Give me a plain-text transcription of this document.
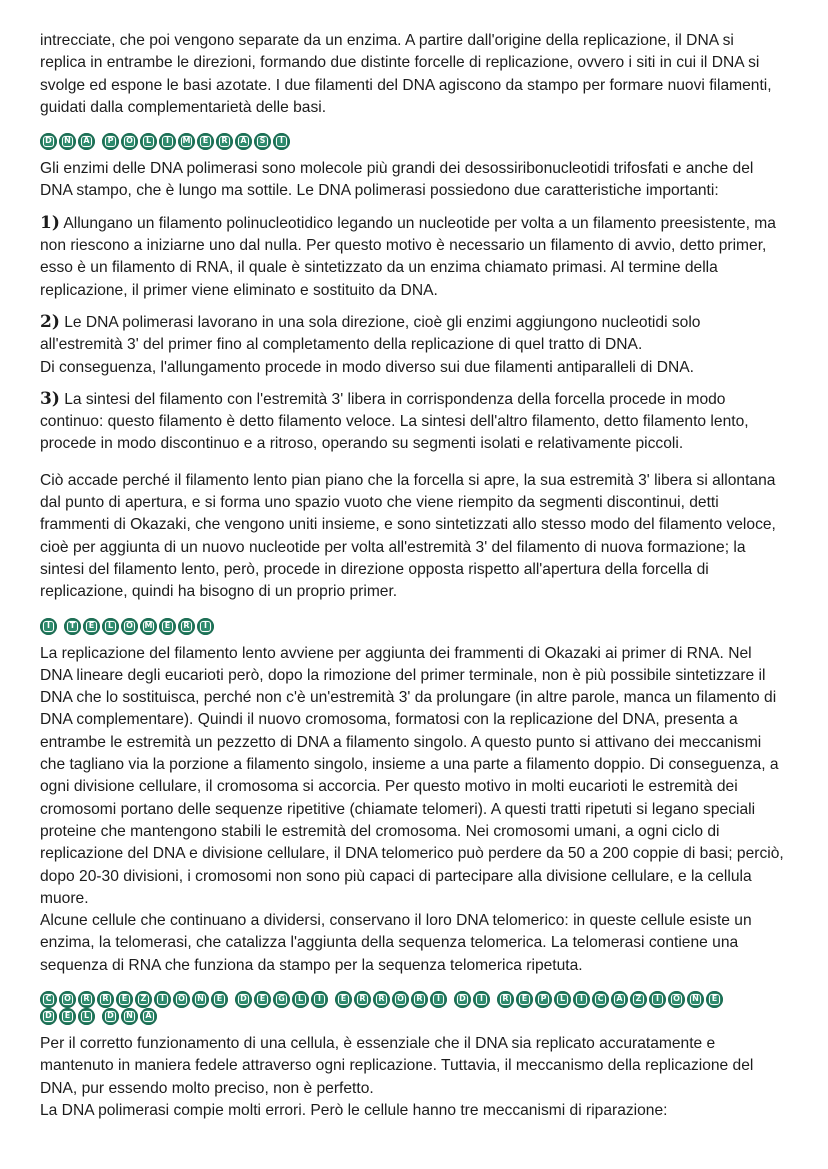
intrecciate, che poi vengono separate da un enzima. A partire dall'origine della replicazione, il DNA si replica in entrambe le direzioni, formando due distinte forcelle di replicazione, ovvero i siti in cui il DNA si svolge ed espone le basi azotate. I due filamenti del DNA agiscono da stampo per formare nuovi filamenti, guidati dalla complementarietà delle basi.

D N A	P	O	L	I	M	E	R	A	S	I

Gli enzimi delle DNA polimerasi sono molecole più grandi dei desossiribonucleotidi trifosfati e anche del DNA stampo, che è lungo ma sottile. Le DNA polimerasi possiedono due caratteristiche importanti:

1) Allungano un filamento polinucleotidico legando un nucleotide per volta a un filamento preesistente, ma non riescono a iniziarne uno dal nulla. Per questo motivo è necessario un filamento di avvio, detto primer, esso è un filamento di RNA, il quale è sintetizzato da un enzima chiamato primasi. Al termine della replicazione, il primer viene eliminato e sostituito da DNA.

2) Le DNA polimerasi lavorano in una sola direzione, cioè gli enzimi aggiungono nucleotidi solo all'estremità 3' del primer fino al completamento della replicazione di quel tratto di DNA.

Di conseguenza, l'allungamento procede in modo diverso sui due filamenti antiparalleli di DNA.

3) La sintesi del filamento con l'estremità 3' libera in corrispondenza della forcella procede in modo continuo: questo filamento è detto filamento veloce. La sintesi dell'altro filamento, detto filamento lento, procede in modo discontinuo e a ritroso, operando su segmenti isolati e relativamente piccoli.

Ciò accade perché il filamento lento pian piano che la forcella si apre, la sua estremità 3' libera si allontana dal punto di apertura, e si forma uno spazio vuoto che viene riempito da segmenti discontinui, detti frammenti di Okazaki, che vengono uniti insieme, e sono sintetizzati allo stesso modo del filamento veloce, cioè per aggiunta di un nuovo nucleotide per volta all'estremità 3' del filamento di nuova formazione; la sintesi del filamento lento, però, procede in direzione opposta rispetto all'apertura della forcella di replicazione, quindi ha bisogno di un proprio primer.

I	T	E	L	O M	E	R	I

La replicazione del filamento lento avviene per aggiunta dei frammenti di Okazaki ai primer di RNA. Nel DNA lineare degli eucarioti però, dopo la rimozione del primer terminale, non è più possibile sintetizzare il DNA che lo sostituisca, perché non c'è un'estremità 3' da prolungare (in altre parole, manca un filamento di DNA complementare). Quindi il nuovo cromosoma, formatosi con la replicazione del DNA, presenta a entrambe le estremità un pezzetto di DNA a filamento singolo. A questo punto si attivano dei meccanismi che tagliano via la porzione a filamento singolo, insieme a una parte a filamento doppio. Di conseguenza, a ogni divisione cellulare, il cromosoma si accorcia. Per questo motivo in molti eucarioti le estremità dei cromosomi portano delle sequenze ripetitive (chiamate telomeri). A questi tratti ripetuti si legano speciali proteine che mantengono stabili le estremità del cromosoma. Nei cromosomi umani, a ogni ciclo di replicazione del DNA e divisione cellulare, il DNA telomerico può perdere da 50 a 200 coppie di basi; perciò, dopo 20-30 divisioni, i cromosomi non sono più capaci di partecipare alla divisione cellulare, e la cellula muore.

Alcune cellule che continuano a dividersi, conservano il loro DNA telomerico: in queste cellule esiste un enzima, la telomerasi, che catalizza l'aggiunta della sequenza telomerica. La telomerasi contiene una sequenza di RNA che funziona da stampo per la sequenza telomerica ripetuta.

C	O	R	R	E	Z	I	O N	E	D	E	G	L	I	E	R	R	O	R	I	D	I	R	E	P	L	I	C	A	Z	I	O N	E
D	E	L	D N A

Per il corretto funzionamento di una cellula, è essenziale che il DNA sia replicato accuratamente e mantenuto in maniera fedele attraverso ogni replicazione. Tuttavia, il meccanismo della replicazione del DNA, pur essendo molto preciso, non è perfetto.

La DNA polimerasi compie molti errori. Però le cellule hanno tre meccanismi di riparazione:
